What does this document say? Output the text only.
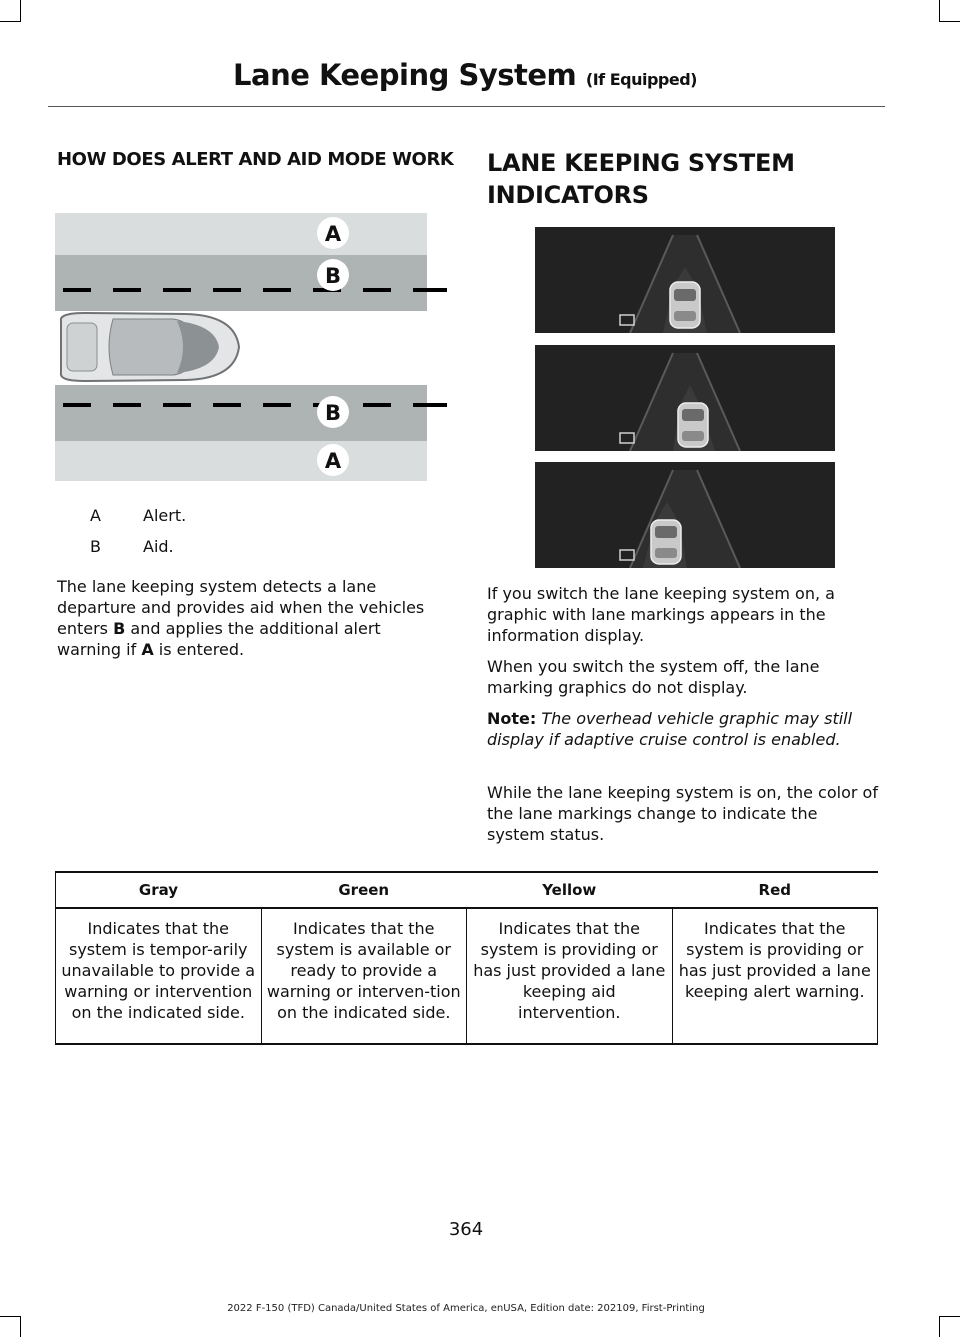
Lane Keeping System (If Equipped)
HOW DOES ALERT AND AID MODE WORK
A
B
B
A
A	Alert.
B	Aid.

The lane keeping system detects a lane departure and provides aid when the vehicles enters B and applies the additional alert warning if A is entered.

LANE KEEPING SYSTEM
INDICATORS

If you switch the lane keeping system on, a graphic with lane markings appears in the information display.

When you switch the system off, the lane marking graphics do not display.

Note: The overhead vehicle graphic may still display if adaptive cruise control is enabled.

While the lane keeping system is on, the color of the lane markings change to indicate the system status.

Gray	Green	Yellow	Red
Indicates that the system is tempor-arily unavailable to provide a warning or intervention on the indicated side.	Indicates that the system is available or ready to provide a warning or interven-tion on the indicated side.	Indicates that the system is providing or has just provided a lane keeping aid intervention.	Indicates that the system is providing or has just provided a lane keeping alert warning.
364
2022 F-150 (TFD) Canada/United States of America, enUSA, Edition date: 202109, First-Printing
